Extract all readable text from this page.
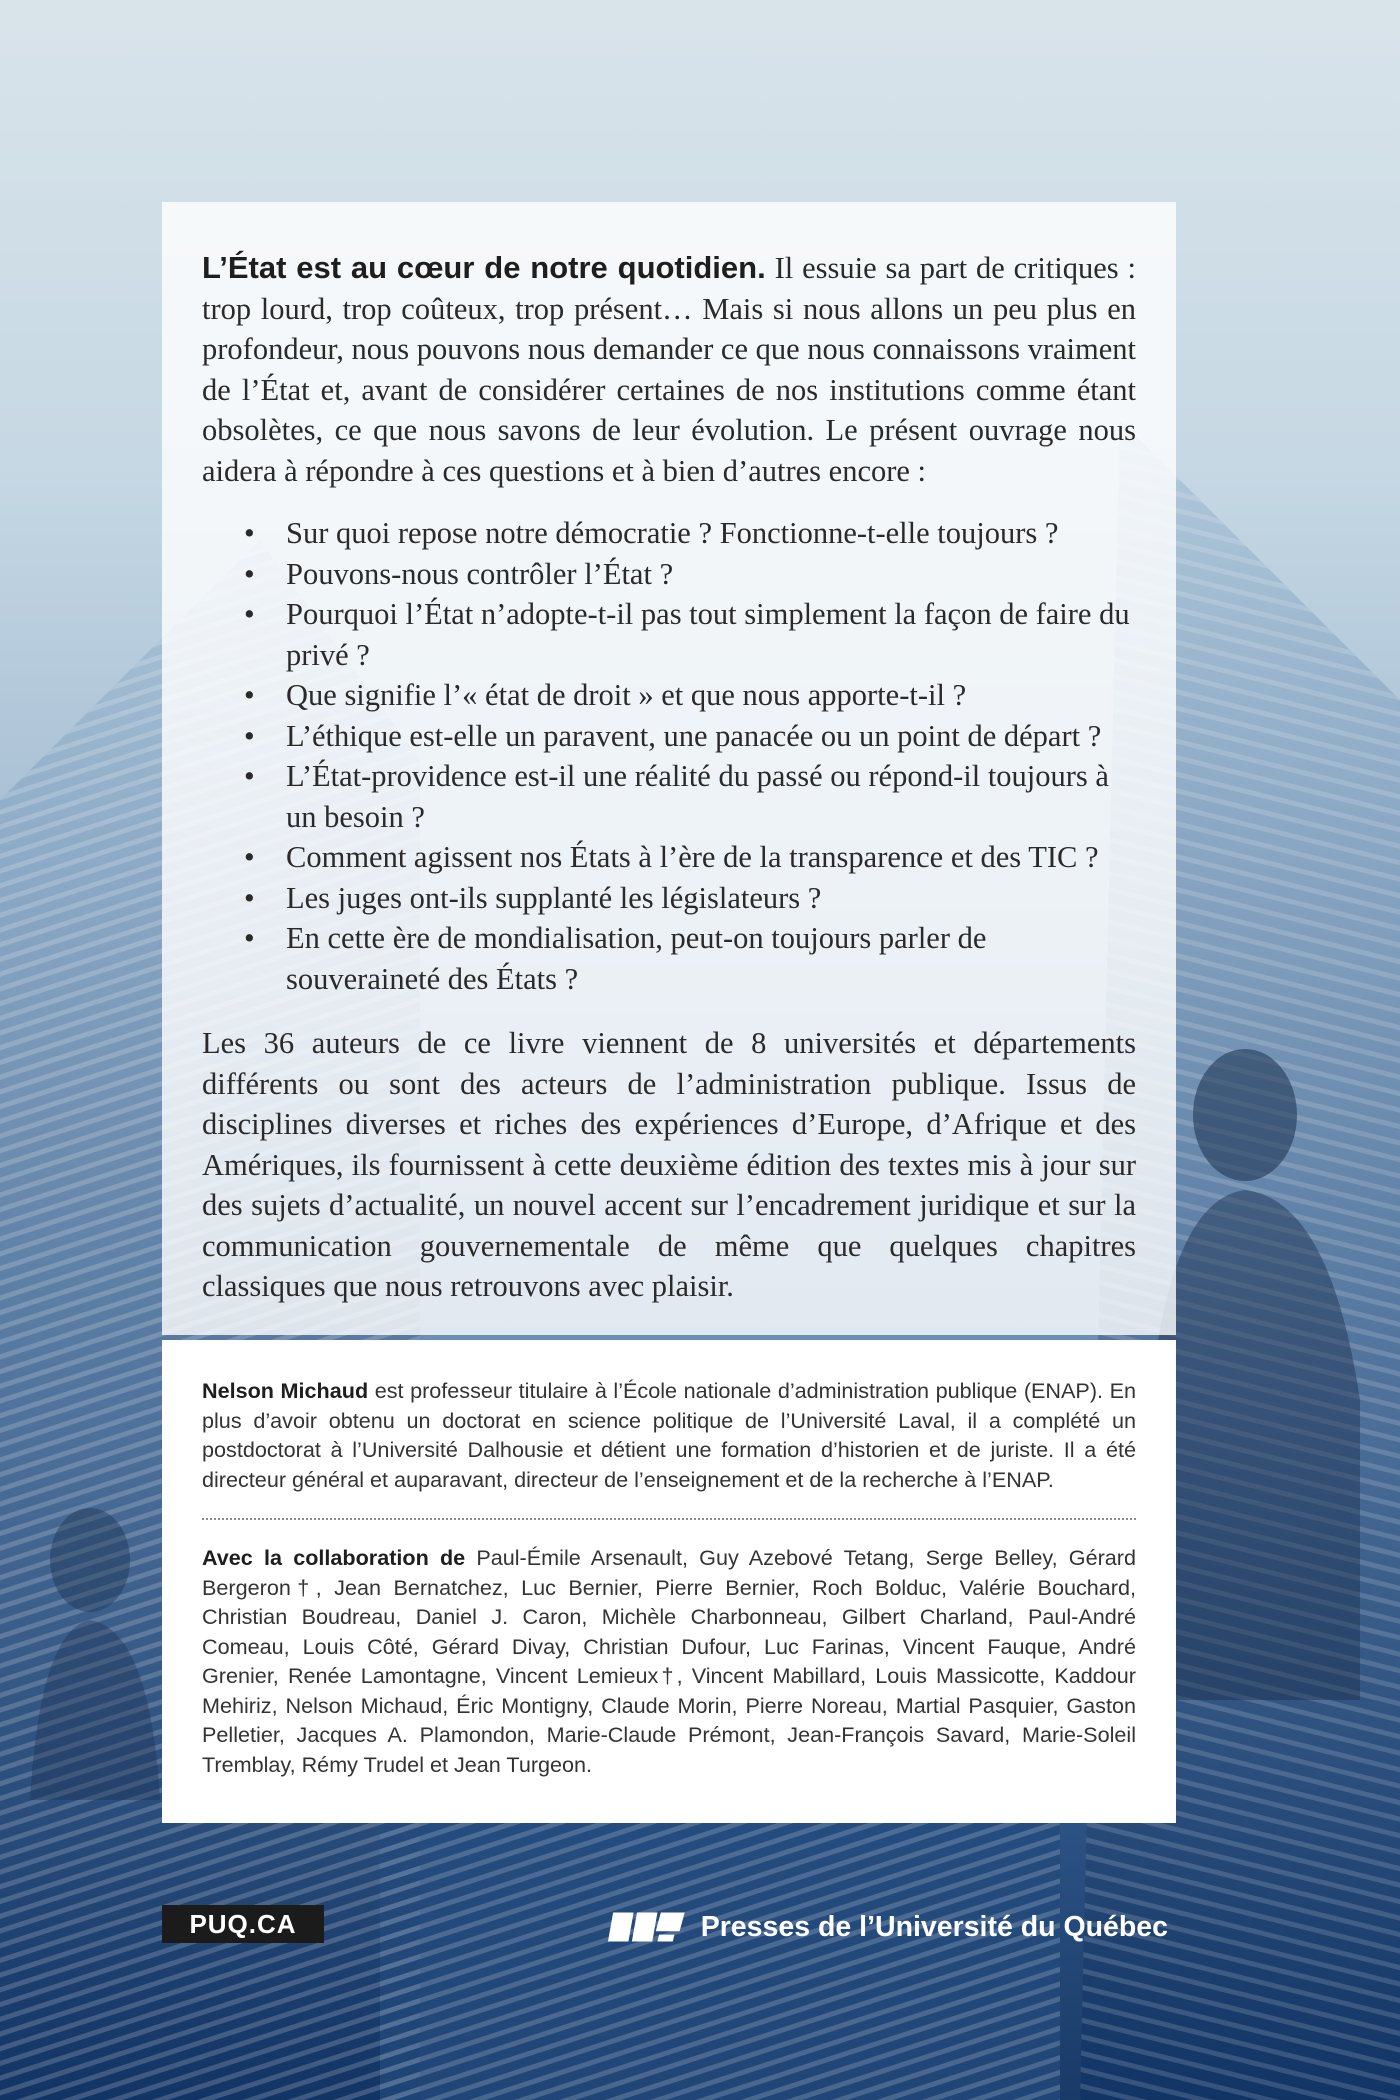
L’État est au cœur de notre quotidien. Il essuie sa part de critiques : trop lourd, trop coûteux, trop présent… Mais si nous allons un peu plus en profondeur, nous pouvons nous demander ce que nous connaissons vraiment de l’État et, avant de considérer certaines de nos institutions comme étant obsolètes, ce que nous savons de leur évolution. Le présent ouvrage nous aidera à répondre à ces questions et à bien d’autres encore :

• Sur quoi repose notre démocratie ? Fonctionne-t-elle toujours ?
• Pouvons-nous contrôler l’État ?
• Pourquoi l’État n’adopte-t-il pas tout simplement la façon de faire du privé ?
• Que signifie l’« état de droit » et que nous apporte-t-il ?
• L’éthique est-elle un paravent, une panacée ou un point de départ ?
• L’État-providence est-il une réalité du passé ou répond-il toujours à un besoin ?
• Comment agissent nos États à l’ère de la transparence et des TIC ?
• Les juges ont-ils supplanté les législateurs ?
• En cette ère de mondialisation, peut-on toujours parler de souveraineté des États ?

Les 36 auteurs de ce livre viennent de 8 universités et départements différents ou sont des acteurs de l’administration publique. Issus de disciplines diverses et riches des expériences d’Europe, d’Afrique et des Amériques, ils fournissent à cette deuxième édition des textes mis à jour sur des sujets d’actualité, un nouvel accent sur l’encadrement juridique et sur la communication gouvernementale de même que quelques chapitres classiques que nous retrouvons avec plaisir.

Nelson Michaud est professeur titulaire à l’École nationale d’administration publique (ENAP). En plus d’avoir obtenu un doctorat en science politique de l’Université Laval, il a complété un postdoctorat à l’Université Dalhousie et détient une formation d’historien et de juriste. Il a été directeur général et auparavant, directeur de l’enseignement et de la recherche à l’ENAP.

Avec la collaboration de Paul-Émile Arsenault, Guy Azebové Tetang, Serge Belley, Gérard Bergeron†, Jean Bernatchez, Luc Bernier, Pierre Bernier, Roch Bolduc, Valérie Bouchard, Christian Boudreau, Daniel J. Caron, Michèle Charbonneau, Gilbert Charland, Paul-André Comeau, Louis Côté, Gérard Divay, Christian Dufour, Luc Farinas, Vincent Fauque, André Grenier, Renée Lamontagne, Vincent Lemieux†, Vincent Mabillard, Louis Massicotte, Kaddour Mehiriz, Nelson Michaud, Éric Montigny, Claude Morin, Pierre Noreau, Martial Pasquier, Gaston Pelletier, Jacques A. Plamondon, Marie-Claude Prémont, Jean-François Savard, Marie-Soleil Tremblay, Rémy Trudel et Jean Turgeon.

PUQ.CA	Presses de l’Université du Québec
